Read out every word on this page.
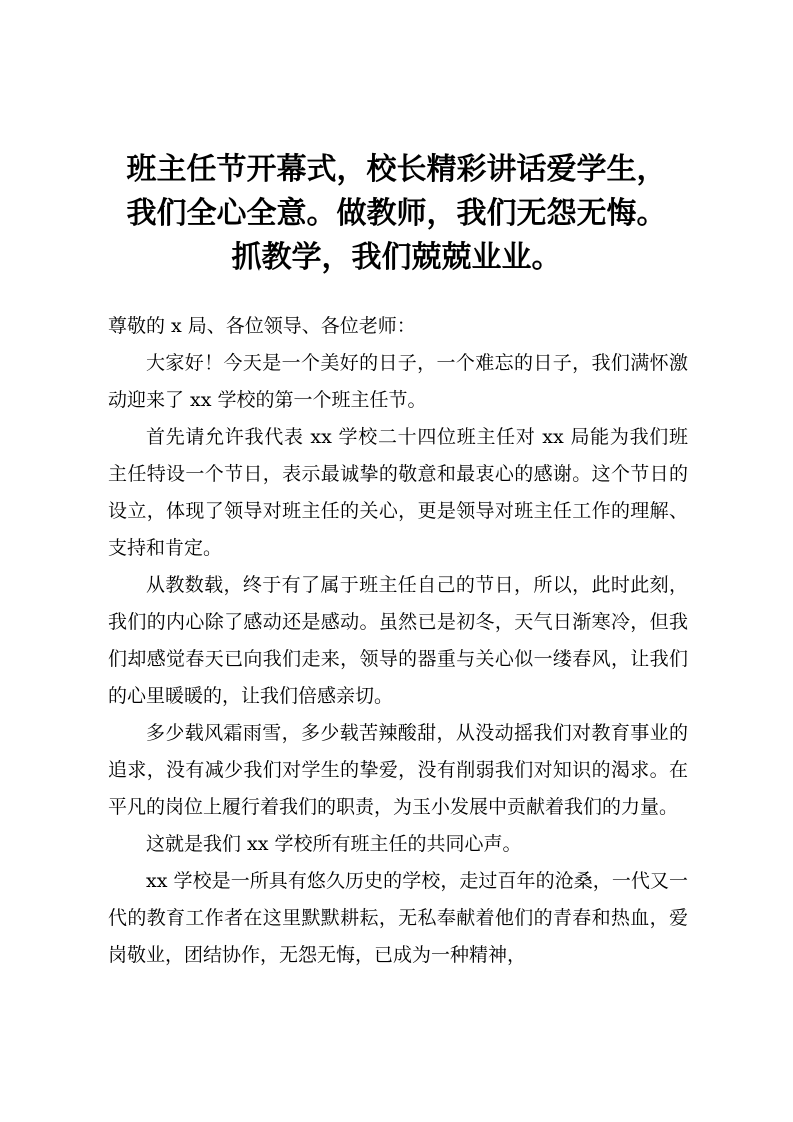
班主任节开幕式，校长精彩讲话爱学生，
我们全心全意。做教师，我们无怨无悔。
抓教学，我们兢兢业业。

尊敬的 x 局、各位领导、各位老师：

大家好！今天是一个美好的日子，一个难忘的日子，我们满怀激动迎来了 xx 学校的第一个班主任节。

首先请允许我代表 xx 学校二十四位班主任对 xx 局能为我们班主任特设一个节日，表示最诚挚的敬意和最衷心的感谢。这个节日的设立，体现了领导对班主任的关心，更是领导对班主任工作的理解、支持和肯定。

从教数载，终于有了属于班主任自己的节日，所以，此时此刻，我们的内心除了感动还是感动。虽然已是初冬，天气日渐寒冷，但我们却感觉春天已向我们走来，领导的器重与关心似一缕春风，让我们的心里暖暖的，让我们倍感亲切。

多少载风霜雨雪，多少载苦辣酸甜，从没动摇我们对教育事业的追求，没有减少我们对学生的挚爱，没有削弱我们对知识的渴求。在平凡的岗位上履行着我们的职责，为玉小发展中贡献着我们的力量。

这就是我们 xx 学校所有班主任的共同心声。

xx 学校是一所具有悠久历史的学校，走过百年的沧桑，一代又一代的教育工作者在这里默默耕耘，无私奉献着他们的青春和热血，爱岗敬业，团结协作，无怨无悔，已成为一种精神，
